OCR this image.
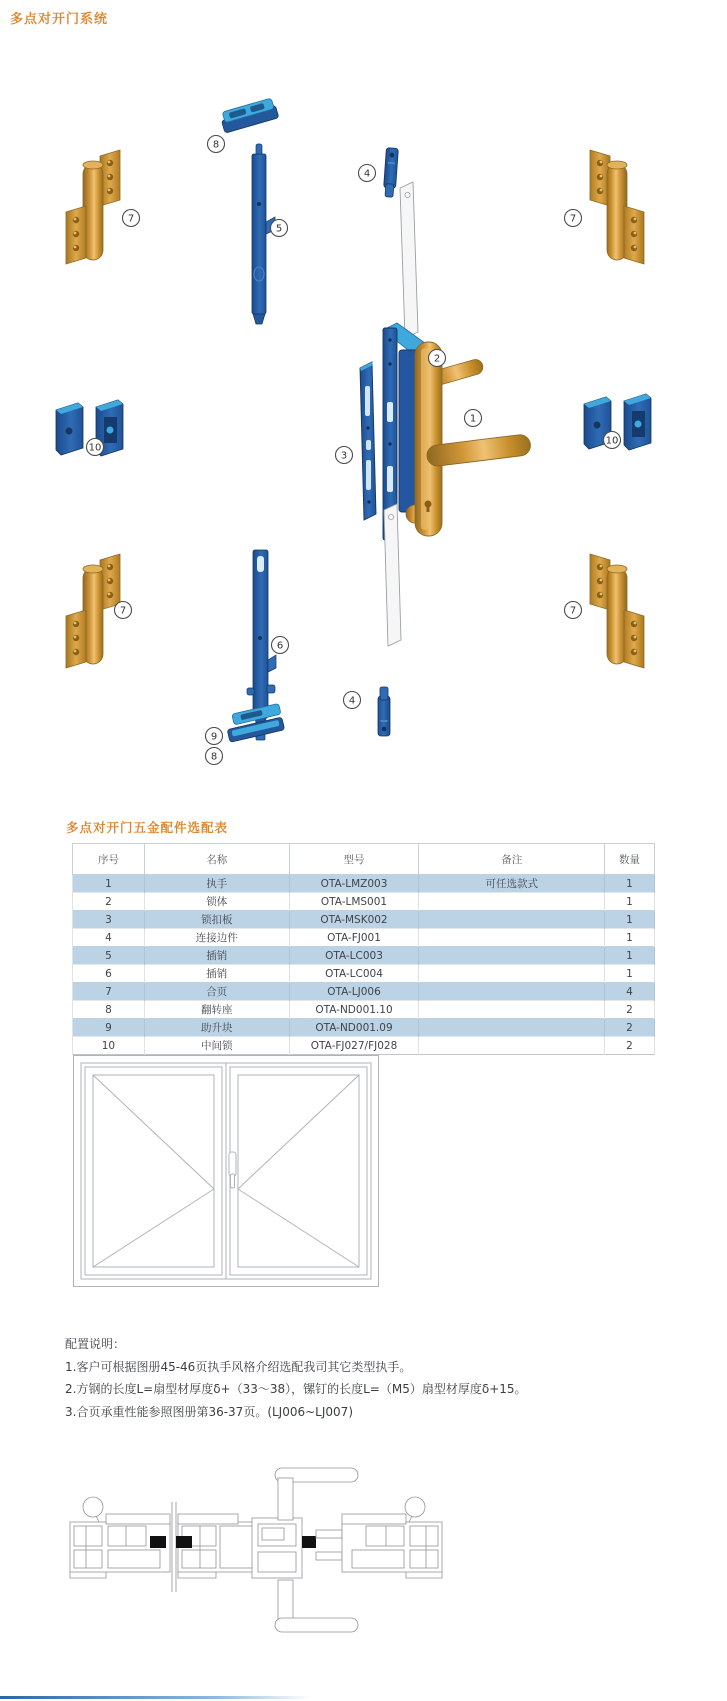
多点对开门系统
1
2
3
4
4
5
6
7	7
7	7
8
8
9
10
10
多点对开门五金配件选配表
序号	名称	型号	备注	数量
1	执手	OTA-LMZ003	可任选款式	1
2	锁体	OTA-LMS001		1
3	锁扣板	OTA-MSK002		1
4	连接边件	OTA-FJ001		1
5	插销	OTA-LC003		1
6	插销	OTA-LC004		1
7	合页	OTA-LJ006		4
8	翻转座	OTA-ND001.10		2
9	助升块	OTA-ND001.09		2
10	中间锁	OTA-FJ027/FJ028		2

配置说明：

1.客户可根据图册45-46页执手风格介绍选配我司其它类型执手。

2.方钢的长度L=扇型材厚度δ+（33～38），镙钉的长度L=（M5）扇型材厚度δ+15。

3.合页承重性能参照图册第36-37页。(LJ006~LJ007)
